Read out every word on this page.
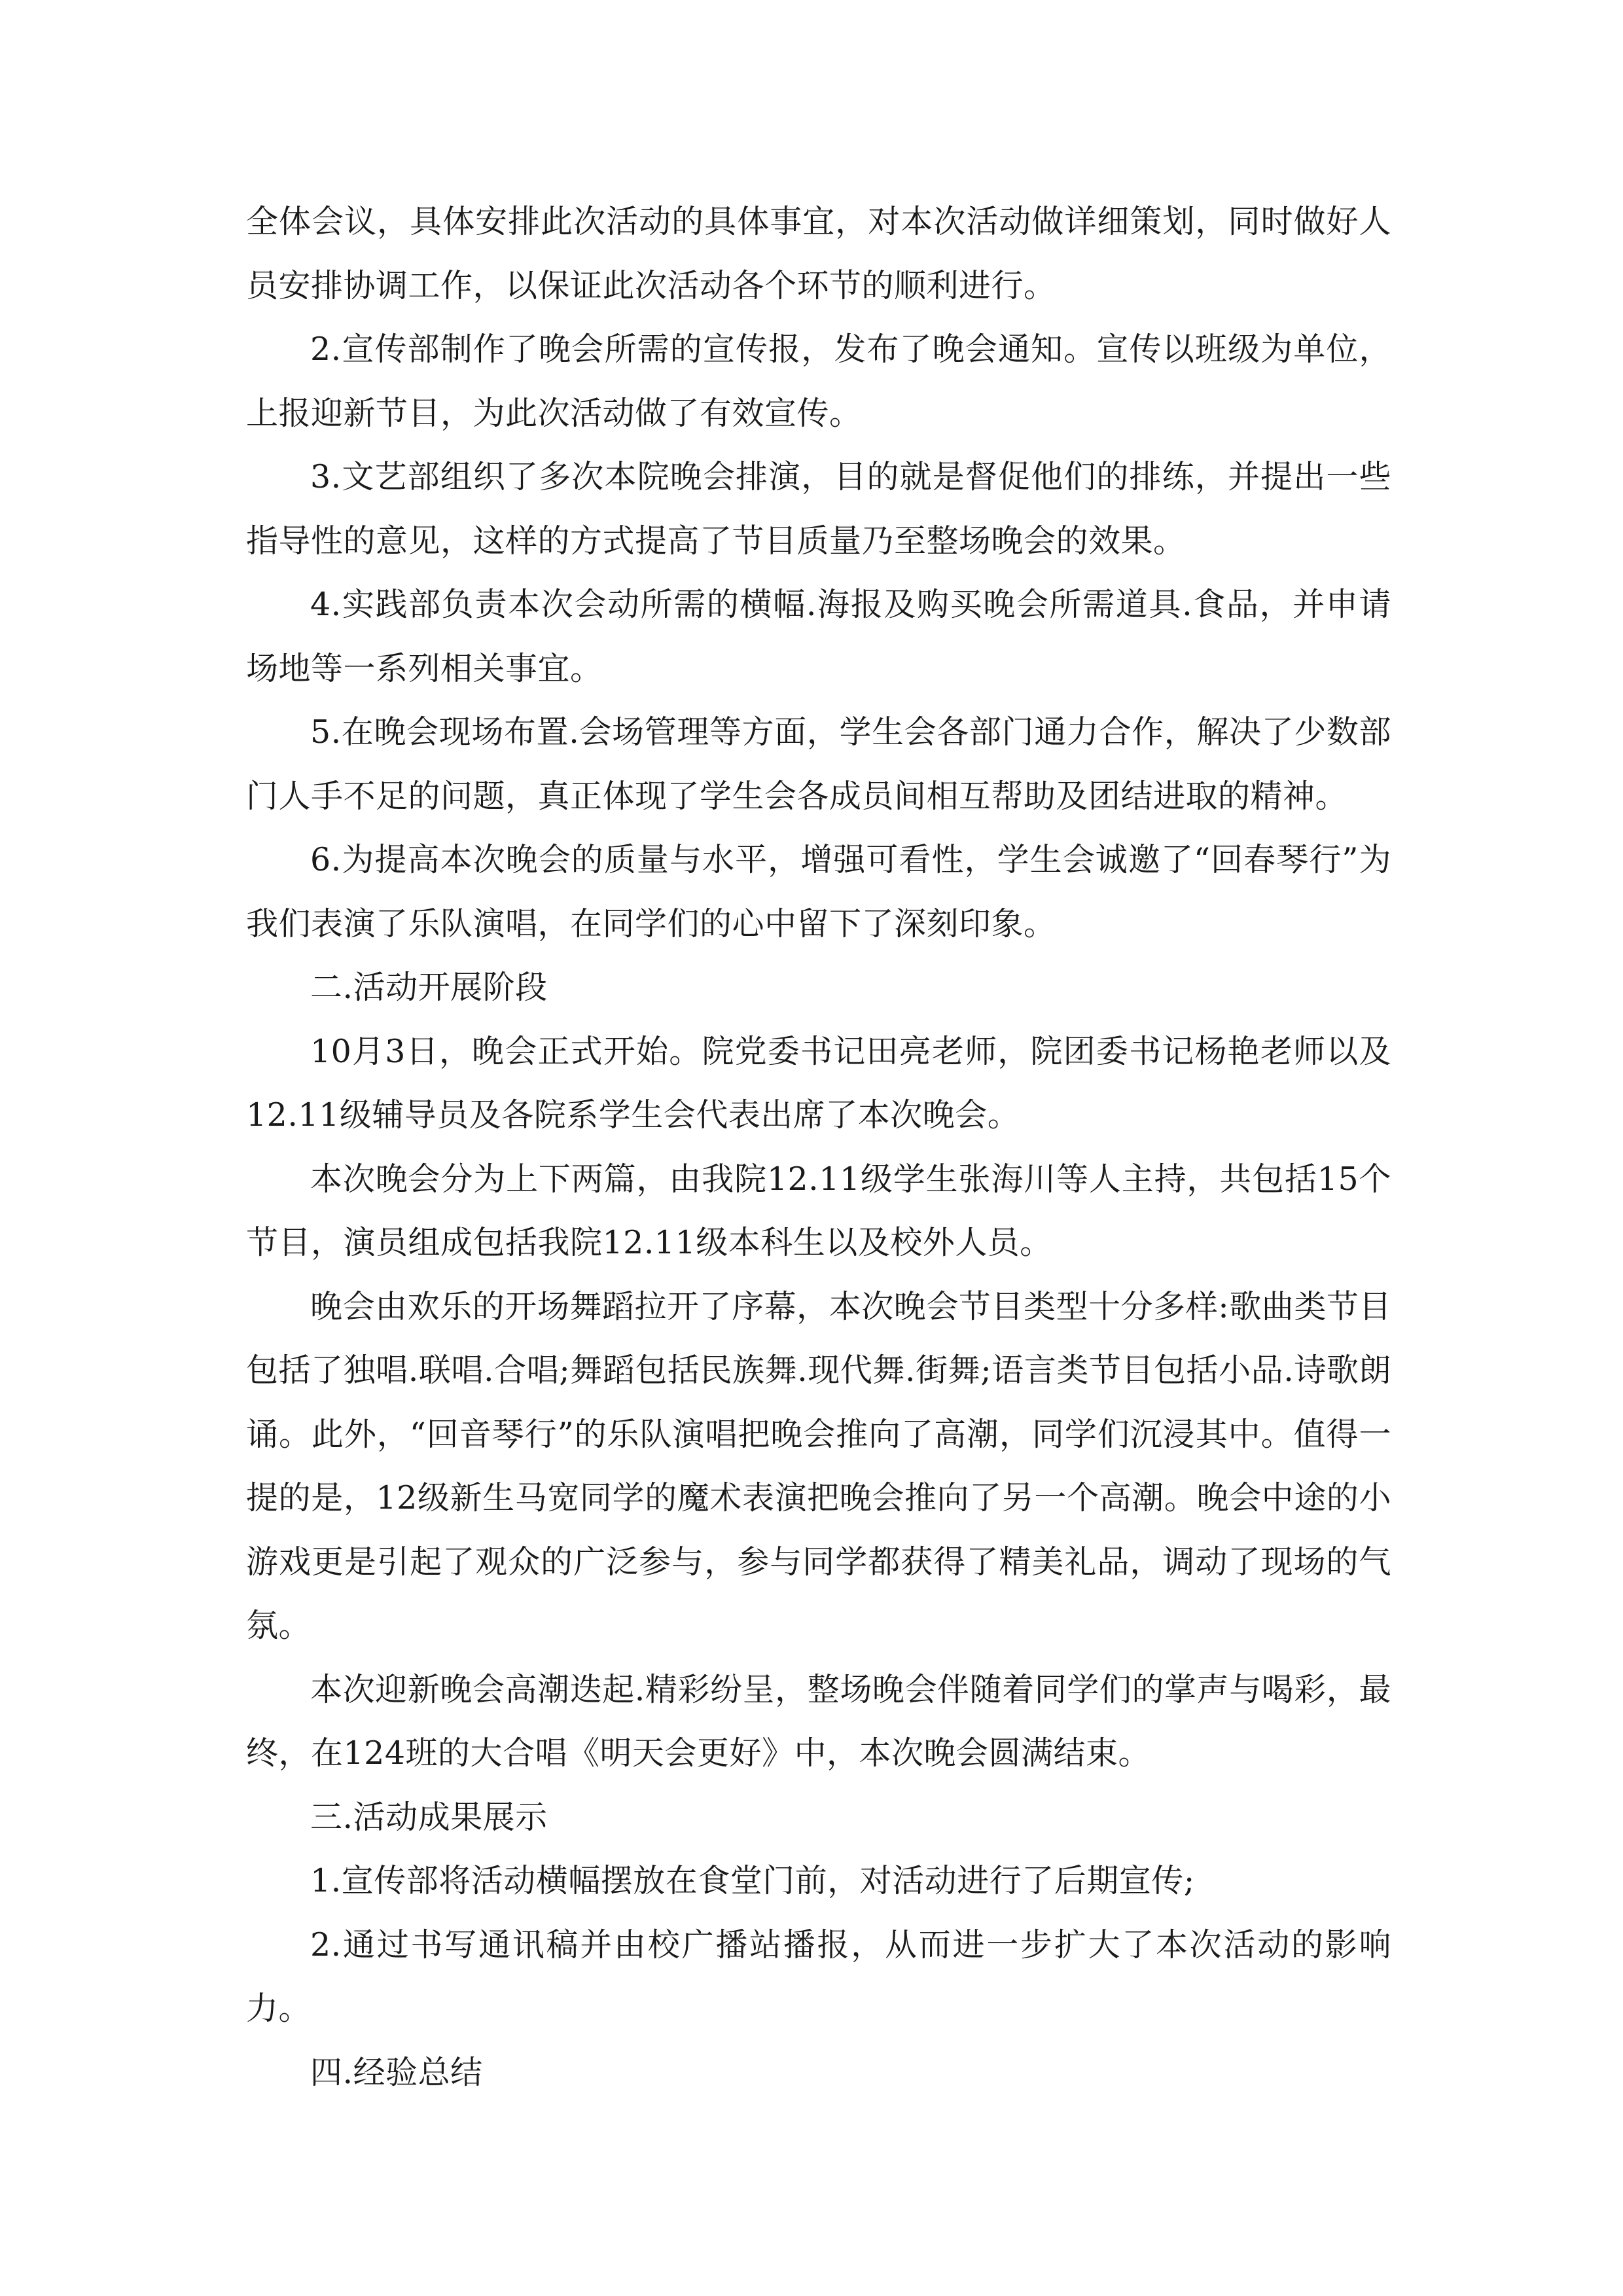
全体会议，具体安排此次活动的具体事宜，对本次活动做详细策划，同时做好人员安排协调工作，以保证此次活动各个环节的顺利进行。

2.宣传部制作了晚会所需的宣传报，发布了晚会通知。宣传以班级为单位，上报迎新节目，为此次活动做了有效宣传。

3.文艺部组织了多次本院晚会排演，目的就是督促他们的排练，并提出一些指导性的意见，这样的方式提高了节目质量乃至整场晚会的效果。

4.实践部负责本次会动所需的横幅.海报及购买晚会所需道具.食品，并申请场地等一系列相关事宜。

5.在晚会现场布置.会场管理等方面，学生会各部门通力合作，解决了少数部门人手不足的问题，真正体现了学生会各成员间相互帮助及团结进取的精神。

6.为提高本次晚会的质量与水平，增强可看性，学生会诚邀了“回春琴行”为我们表演了乐队演唱，在同学们的心中留下了深刻印象。

二.活动开展阶段

10月3日，晚会正式开始。院党委书记田亮老师，院团委书记杨艳老师以及12.11级辅导员及各院系学生会代表出席了本次晚会。

本次晚会分为上下两篇，由我院12.11级学生张海川等人主持，共包括15个节目，演员组成包括我院12.11级本科生以及校外人员。

晚会由欢乐的开场舞蹈拉开了序幕，本次晚会节目类型十分多样:歌曲类节目包括了独唱.联唱.合唱;舞蹈包括民族舞.现代舞.街舞;语言类节目包括小品.诗歌朗诵。此外，“回音琴行”的乐队演唱把晚会推向了高潮，同学们沉浸其中。值得一提的是，12级新生马宽同学的魔术表演把晚会推向了另一个高潮。晚会中途的小游戏更是引起了观众的广泛参与，参与同学都获得了精美礼品，调动了现场的气氛。

本次迎新晚会高潮迭起.精彩纷呈，整场晚会伴随着同学们的掌声与喝彩，最终，在124班的大合唱《明天会更好》中，本次晚会圆满结束。

三.活动成果展示

1.宣传部将活动横幅摆放在食堂门前，对活动进行了后期宣传;

2.通过书写通讯稿并由校广播站播报，从而进一步扩大了本次活动的影响力。

四.经验总结
